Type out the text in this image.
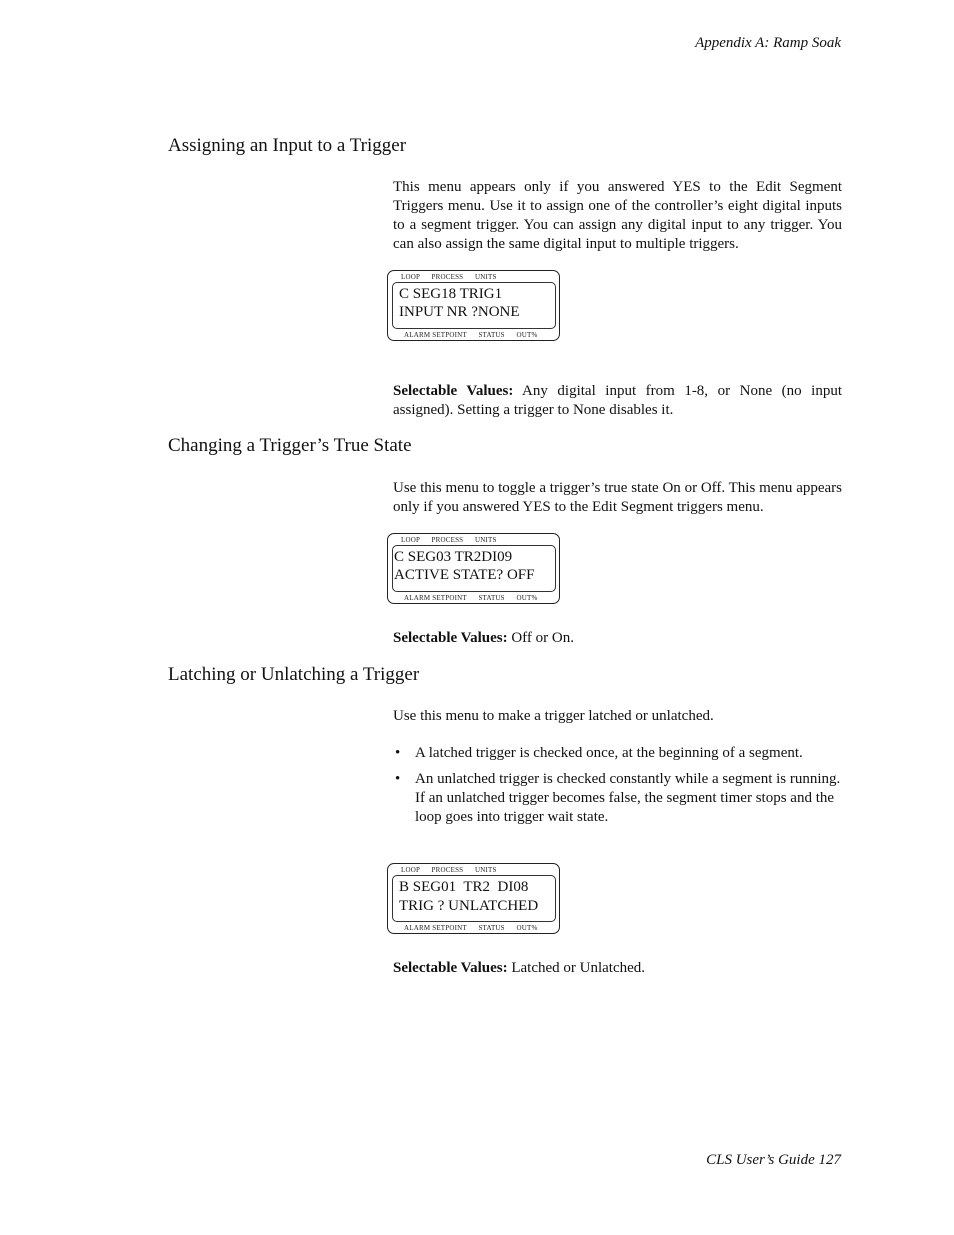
Appendix A: Ramp Soak
Assigning an Input to a Trigger

This menu appears only if you answered YES to the Edit Segment Triggers menu. Use it to assign one of the controller’s eight digital inputs to a segment trigger. You can assign any digital input to any trigger. You can also assign the same digital input to multiple triggers.

LOOP      PROCESS      UNITS
C SEG18 TRIG1
INPUT NR ?NONE
ALARM SETPOINT      STATUS      OUT%

Selectable Values: Any digital input from 1-8, or None (no input assigned). Setting a trigger to None disables it.

Changing a Trigger’s True State

Use this menu to toggle a trigger’s true state On or Off. This menu appears only if you answered YES to the Edit Segment triggers menu.

LOOP      PROCESS      UNITS
C SEG03 TR2DI09
ACTIVE STATE? OFF
ALARM SETPOINT      STATUS      OUT%

Selectable Values: Off or On.

Latching or Unlatching a Trigger

Use this menu to make a trigger latched or unlatched.

• A latched trigger is checked once, at the beginning of a segment.
• An unlatched trigger is checked constantly while a segment is running. If an unlatched trigger becomes false, the segment timer stops and the loop goes into trigger wait state.
LOOP      PROCESS      UNITS
B SEG01  TR2  DI08
TRIG ? UNLATCHED
ALARM SETPOINT      STATUS      OUT%

Selectable Values: Latched or Unlatched.

CLS User’s Guide 127
